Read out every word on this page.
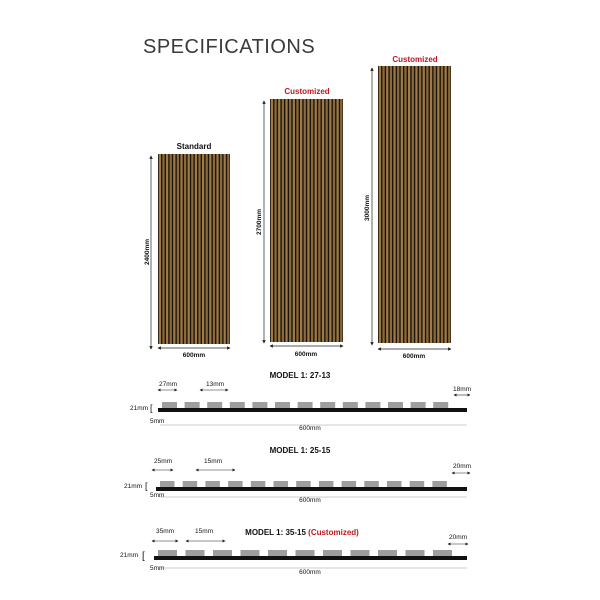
SPECIFICATIONS
Standard
2400mm
600mm
Customized
2700mm
600mm
Customized
3000mm
600mm
MODEL 1: 27-13
27mm	13mm
18mm
21mm [
5mm
600mm
MODEL 1: 25-15
25mm	15mm
20mm
21mm [
5mm
600mm
MODEL 1: 35-15 (Customized)
35mm	15mm
20mm
21mm [
5mm
600mm
